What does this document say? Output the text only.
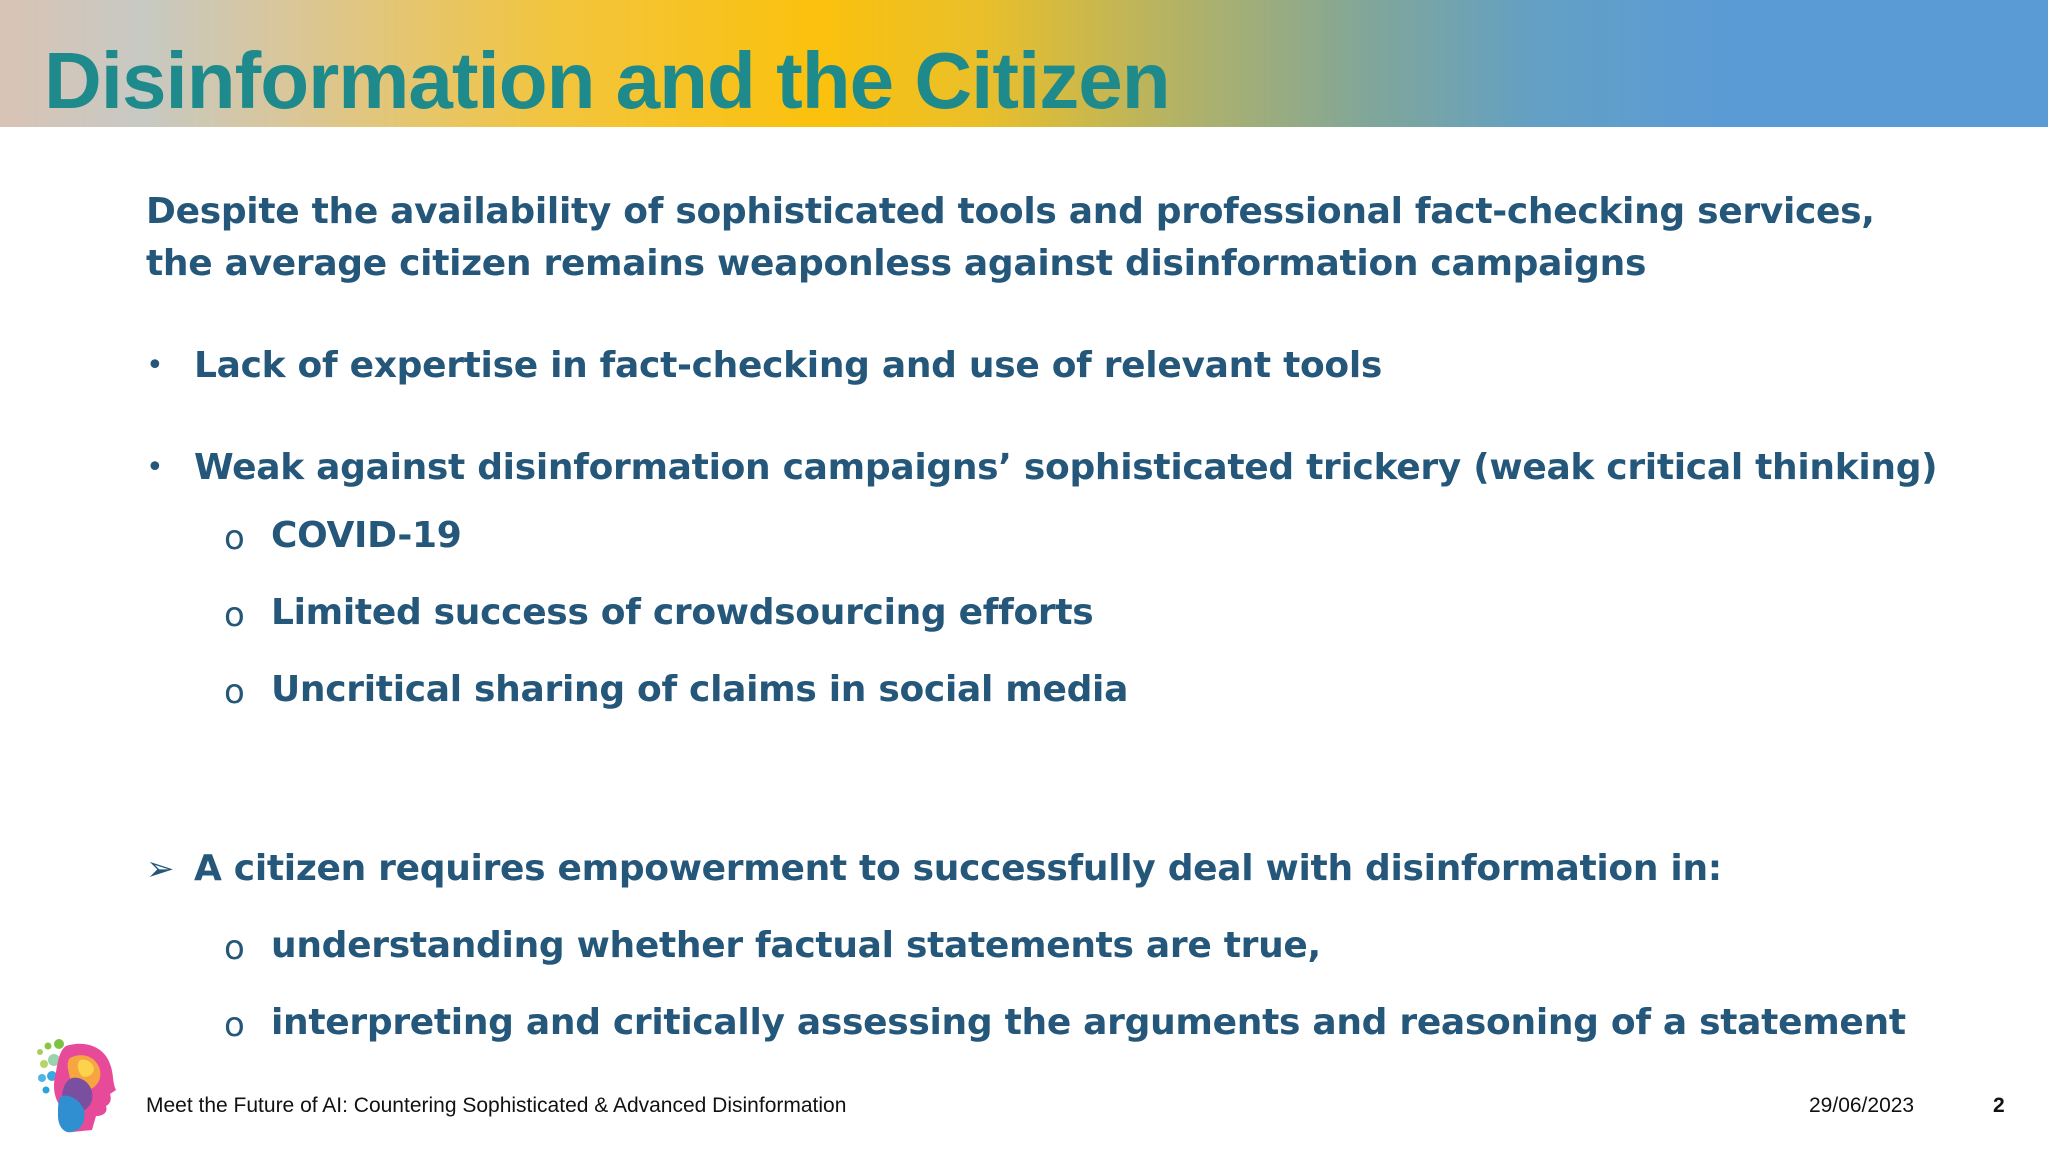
Disinformation and the Citizen
Despite the availability of sophisticated tools and professional fact-checking services, the average citizen remains weaponless against disinformation campaigns
• Lack of expertise in fact-checking and use of relevant tools
• Weak against disinformation campaigns’ sophisticated trickery (weak critical thinking)
o COVID-19
o Limited success of crowdsourcing efforts
o Uncritical sharing of claims in social media
➢ A citizen requires empowerment to successfully deal with disinformation in:
o understanding whether factual statements are true,
o interpreting and critically assessing the arguments and reasoning of a statement
Meet the Future of AI: Countering Sophisticated & Advanced Disinformation	29/06/2023	2
